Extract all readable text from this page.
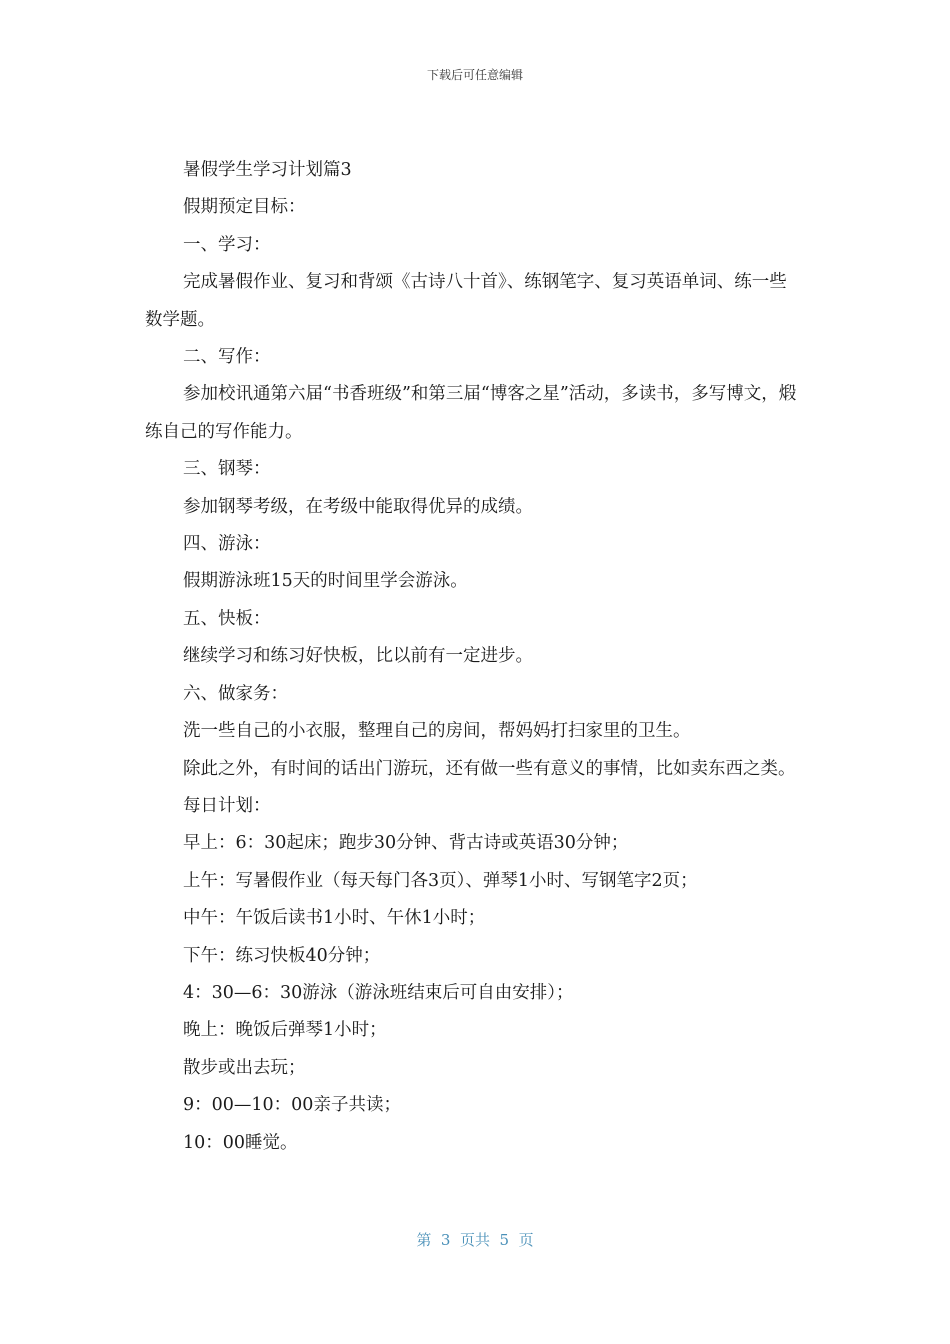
下载后可任意编辑

暑假学生学习计划篇3

假期预定目标：

一、学习：

完成暑假作业、复习和背颂《古诗八十首》、练钢笔字、复习英语单词、练一些数学题。

二、写作：

参加校讯通第六届“书香班级”和第三届“博客之星”活动，多读书，多写博文，煅练自己的写作能力。

三、钢琴：

参加钢琴考级，在考级中能取得优异的成绩。

四、游泳：

假期游泳班15天的时间里学会游泳。

五、快板：

继续学习和练习好快板，比以前有一定进步。

六、做家务：

洗一些自己的小衣服，整理自己的房间，帮妈妈打扫家里的卫生。

除此之外，有时间的话出门游玩，还有做一些有意义的事情，比如卖东西之类。

每日计划：

早上：6：30起床；跑步30分钟、背古诗或英语30分钟；

上午：写暑假作业（每天每门各3页）、弹琴1小时、写钢笔字2页；

中午：午饭后读书1小时、午休1小时；

下午：练习快板40分钟；

4：30—6：30游泳（游泳班结束后可自由安排）；

晚上：晚饭后弹琴1小时；

散步或出去玩；

9：00—10：00亲子共读；

10：00睡觉。

第  3  页共  5  页
